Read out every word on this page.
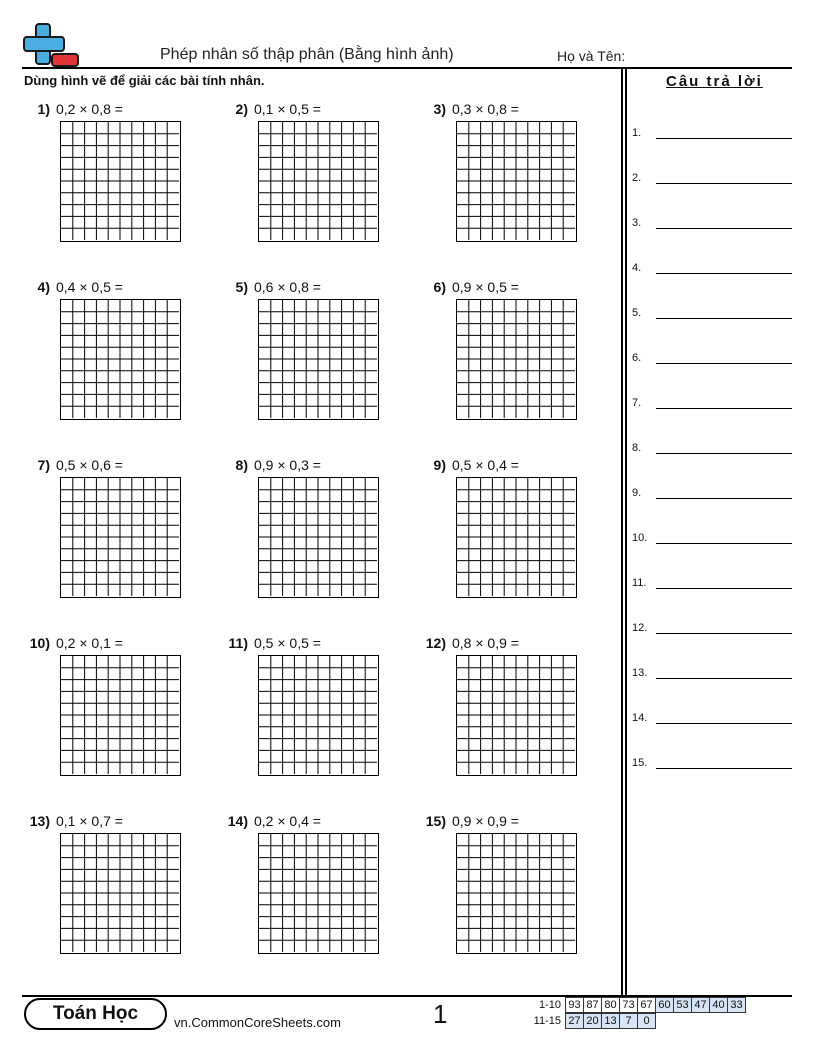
Phép nhân số thập phân (Bằng hình ảnh)	Họ và Tên:
Dùng hình vẽ để giải các bài tính nhân.	Câu trả lời
1.
2.
3.
4.
5.
6.
7.
8.
9.
10.
11.
12.
13.
14.
15.
1) 0,2 × 0,8 =	2) 0,1 × 0,5 =	3) 0,3 × 0,8 =
4) 0,4 × 0,5 =	5) 0,6 × 0,8 =	6) 0,9 × 0,5 =
7) 0,5 × 0,6 =	8) 0,9 × 0,3 =	9) 0,5 × 0,4 =
10) 0,2 × 0,1 =	11) 0,5 × 0,5 =	12) 0,8 × 0,9 =
13) 0,1 × 0,7 =	14) 0,2 × 0,4 =	15) 0,9 × 0,9 =
Toán Học	vn.CommonCoreSheets.com	1	1-10 93 87 80 73 67 60 53 47 40 33
11-15 27 20 13 7	0
